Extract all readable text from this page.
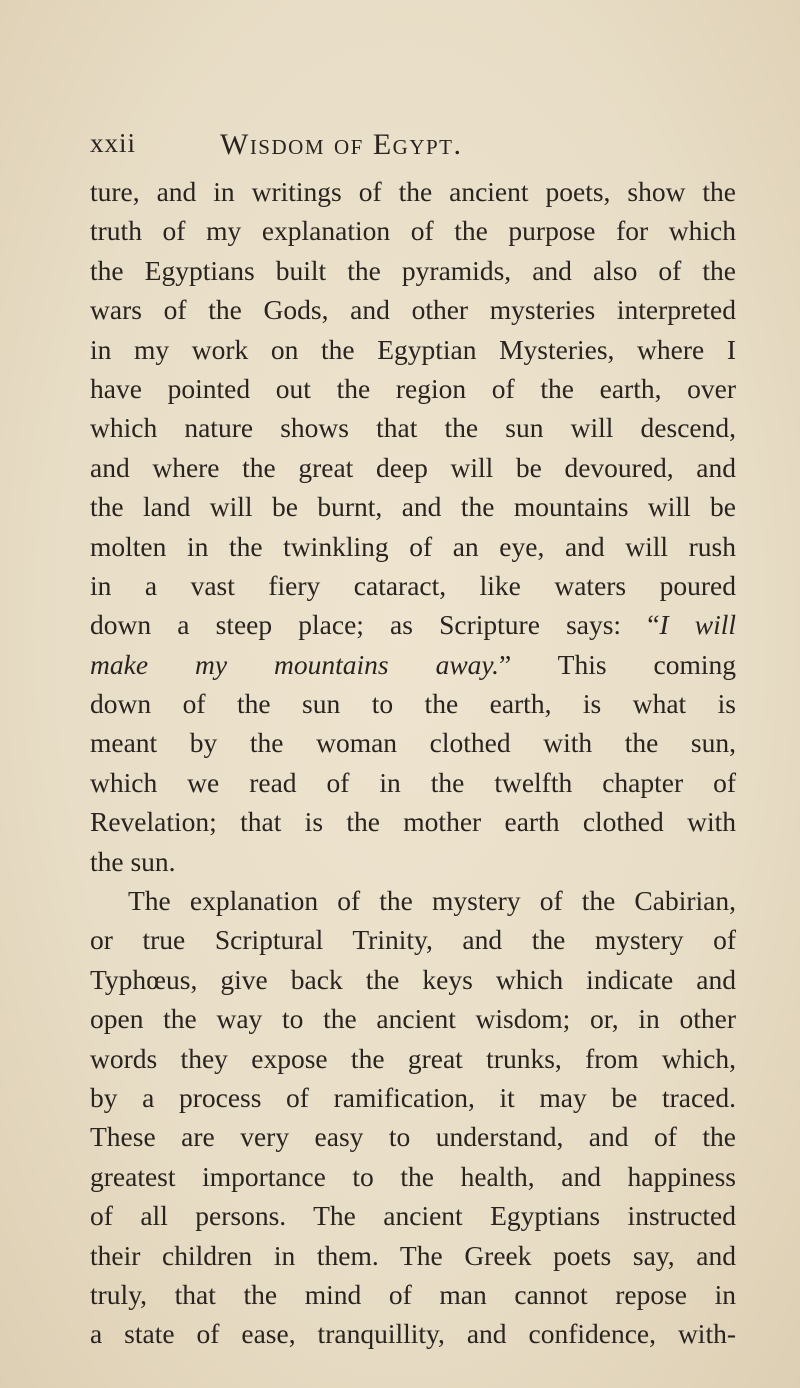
xxii	Wisdom of Egypt.
ture, and in writings of the ancient poets, show the
truth of my explanation of the purpose for which
the Egyptians built the pyramids, and also of the
wars of the Gods, and other mysteries interpreted
in my work on the Egyptian Mysteries, where I
have pointed out the region of the earth, over
which nature shows that the sun will descend,
and where the great deep will be devoured, and
the land will be burnt, and the mountains will be
molten in the twinkling of an eye, and will rush
in a vast fiery cataract, like waters poured
down a steep place; as Scripture says: “I will
make my mountains away.” This coming
down of the sun to the earth, is what is
meant by the woman clothed with the sun,
which we read of in the twelfth chapter of
Revelation; that is the mother earth clothed with
the sun.
The explanation of the mystery of the Cabirian,
or true Scriptural Trinity, and the mystery of
Typhœus, give back the keys which indicate and
open the way to the ancient wisdom; or, in other
words they expose the great trunks, from which,
by a process of ramification, it may be traced.
These are very easy to understand, and of the
greatest importance to the health, and happiness
of all persons. The ancient Egyptians instructed
their children in them. The Greek poets say, and
truly, that the mind of man cannot repose in
a state of ease, tranquillity, and confidence, with-
